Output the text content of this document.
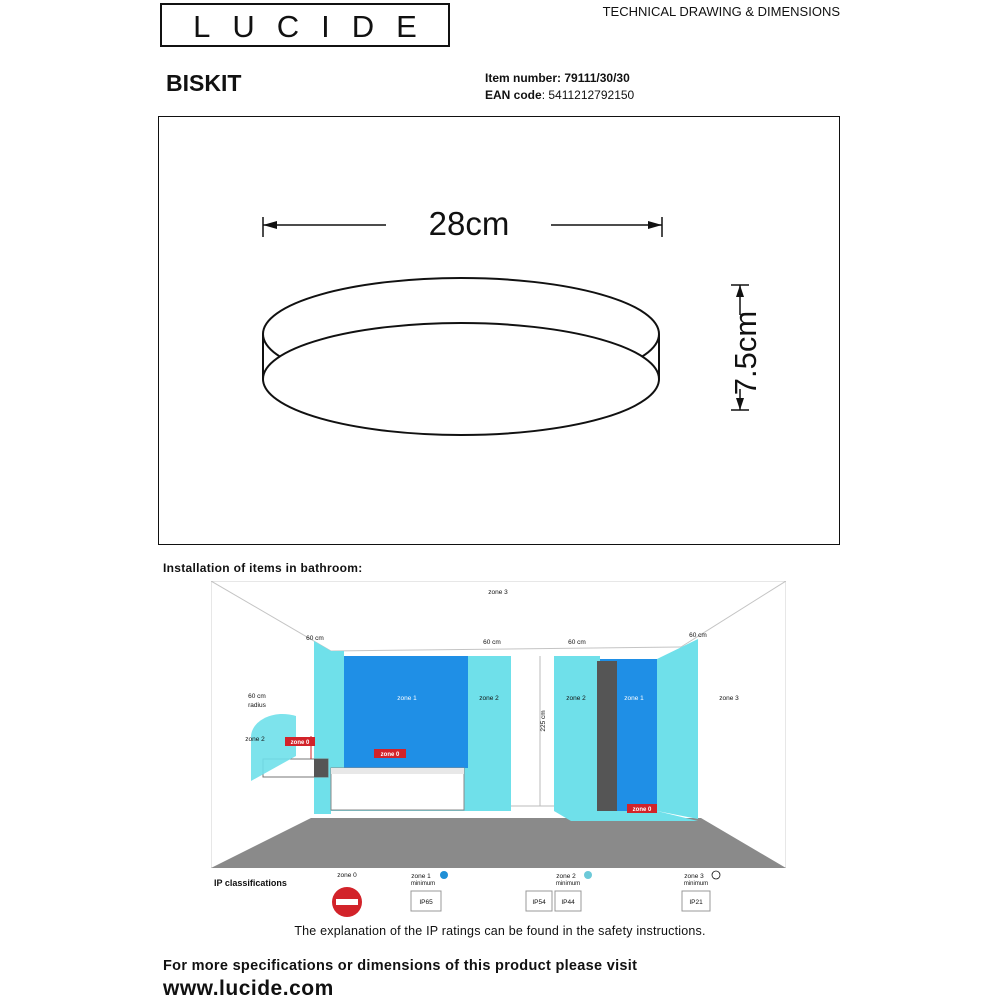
LUCIDE	TECHNICAL DRAWING & DIMENSIONS
BISKIT	Item number: 79111/30/30
EAN code: 5411212792150
28cm
7.5cm
Installation of items in bathroom:
zone 3
zone 3
60 cm
60 cm	60 cm
60 cm
60 cm
radius
zone 2	zone 0
zone 1
zone 0
zone 2
225 cm
zone 2	zone 1
zone 0
IP classifications
zone 0	zone 1
minimum
IP65
zone 2
minimum
IP54 IP44
zone 3
minimum
IP21
The explanation of the IP ratings can be found in the safety instructions.
For more specifications or dimensions of this product please visit
www.lucide.com
